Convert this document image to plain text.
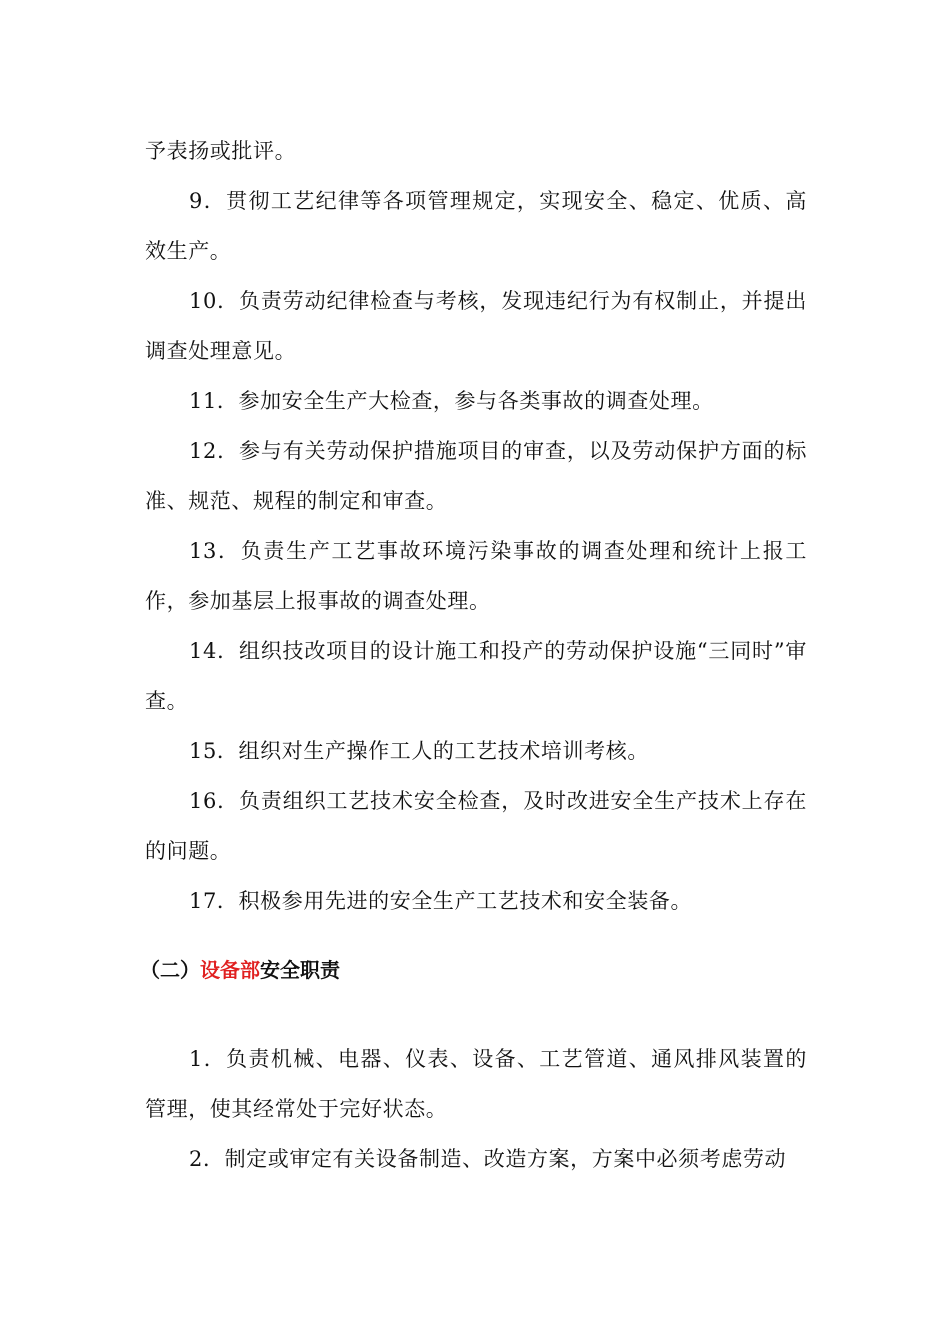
予表扬或批评。

9．贯彻工艺纪律等各项管理规定，实现安全、稳定、优质、高效生产。

10．负责劳动纪律检查与考核，发现违纪行为有权制止，并提出调查处理意见。

11．参加安全生产大检查，参与各类事故的调查处理。

12．参与有关劳动保护措施项目的审查，以及劳动保护方面的标准、规范、规程的制定和审查。

13．负责生产工艺事故环境污染事故的调查处理和统计上报工作，参加基层上报事故的调查处理。

14．组织技改项目的设计施工和投产的劳动保护设施“三同时”审查。

15．组织对生产操作工人的工艺技术培训考核。

16．负责组织工艺技术安全检查，及时改进安全生产技术上存在的问题。

17．积极参用先进的安全生产工艺技术和安全装备。

（二）设备部安全职责

1．负责机械、电器、仪表、设备、工艺管道、通风排风装置的管理，使其经常处于完好状态。

2．制定或审定有关设备制造、改造方案，方案中必须考虑劳动
